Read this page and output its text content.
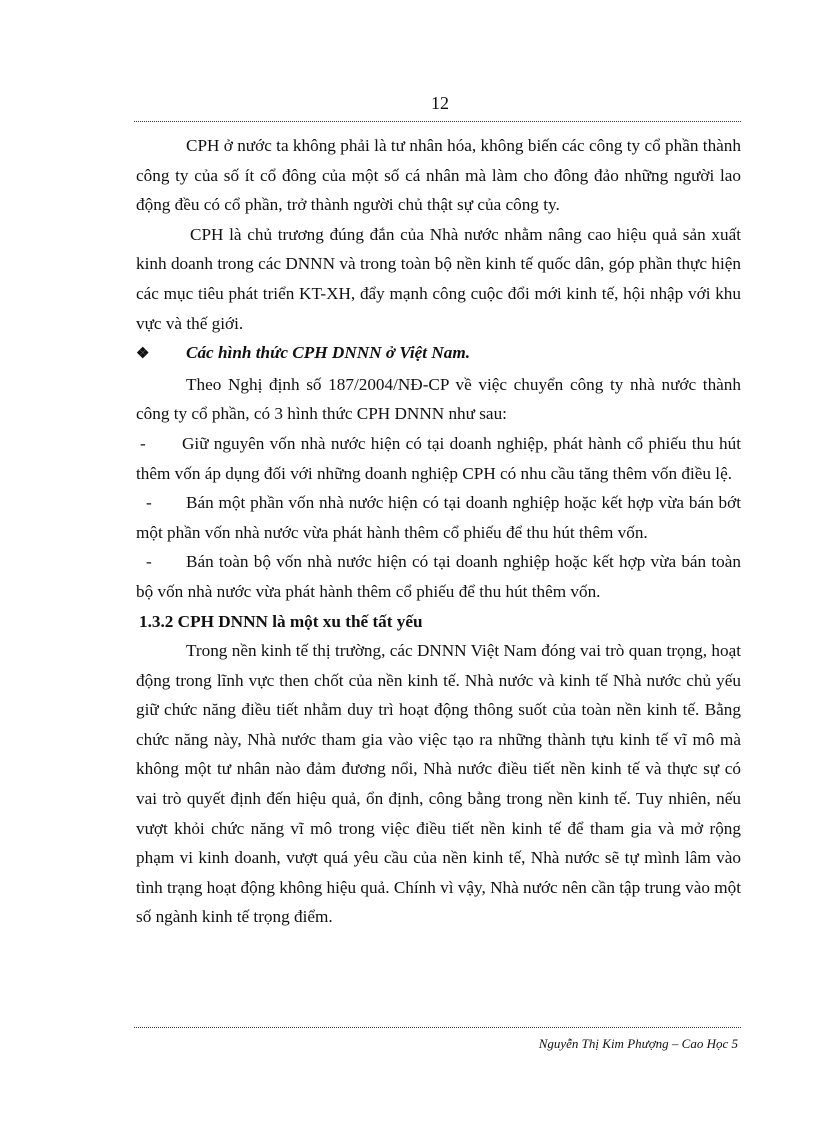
12

CPH ở nước ta không phải là tư nhân hóa, không biến các công ty cổ phần thành công ty của số ít cổ đông của một số cá nhân mà làm cho đông đảo những người lao động đều có cổ phần, trở thành người chủ thật sự của công ty.

CPH là chủ trương đúng đắn của Nhà nước nhằm nâng cao hiệu quả sản xuất kinh doanh trong các DNNN và trong toàn bộ nền kinh tế quốc dân, góp phần thực hiện các mục tiêu phát triển KT-XH, đẩy mạnh công cuộc đổi mới kinh tế, hội nhập với khu vực và thế giới.

❖ Các hình thức CPH DNNN ở Việt Nam.

Theo Nghị định số 187/2004/NĐ-CP về việc chuyển công ty nhà nước thành công ty cổ phần, có 3 hình thức CPH DNNN như sau:

- Giữ nguyên vốn nhà nước hiện có tại doanh nghiệp, phát hành cổ phiếu thu hút thêm vốn áp dụng đối với những doanh nghiệp CPH có nhu cầu tăng thêm vốn điều lệ.

- Bán một phần vốn nhà nước hiện có tại doanh nghiệp hoặc kết hợp vừa bán bớt một phần vốn nhà nước vừa phát hành thêm cổ phiếu để thu hút thêm vốn.

- Bán toàn bộ vốn nhà nước hiện có tại doanh nghiệp hoặc kết hợp vừa bán toàn bộ vốn nhà nước vừa phát hành thêm cổ phiếu để thu hút thêm vốn.

1.3.2 CPH DNNN là một xu thế tất yếu

Trong nền kinh tế thị trường, các DNNN Việt Nam đóng vai trò quan trọng, hoạt động trong lĩnh vực then chốt của nền kinh tế. Nhà nước và kinh tế Nhà nước chủ yếu giữ chức năng điều tiết nhằm duy trì hoạt động thông suốt của toàn nền kinh tế. Bằng chức năng này, Nhà nước tham gia vào việc tạo ra những thành tựu kinh tế vĩ mô mà không một tư nhân nào đảm đương nổi, Nhà nước điều tiết nền kinh tế và thực sự có vai trò quyết định đến hiệu quả, ổn định, công bằng trong nền kinh tế. Tuy nhiên, nếu vượt khỏi chức năng vĩ mô trong việc điều tiết nền kinh tế để tham gia và mở rộng phạm vi kinh doanh, vượt quá yêu cầu của nền kinh tế, Nhà nước sẽ tự mình lâm vào tình trạng hoạt động không hiệu quả. Chính vì vậy, Nhà nước nên cần tập trung vào một số ngành kinh tế trọng điểm.

Nguyễn Thị Kim Phượng – Cao Học 5
